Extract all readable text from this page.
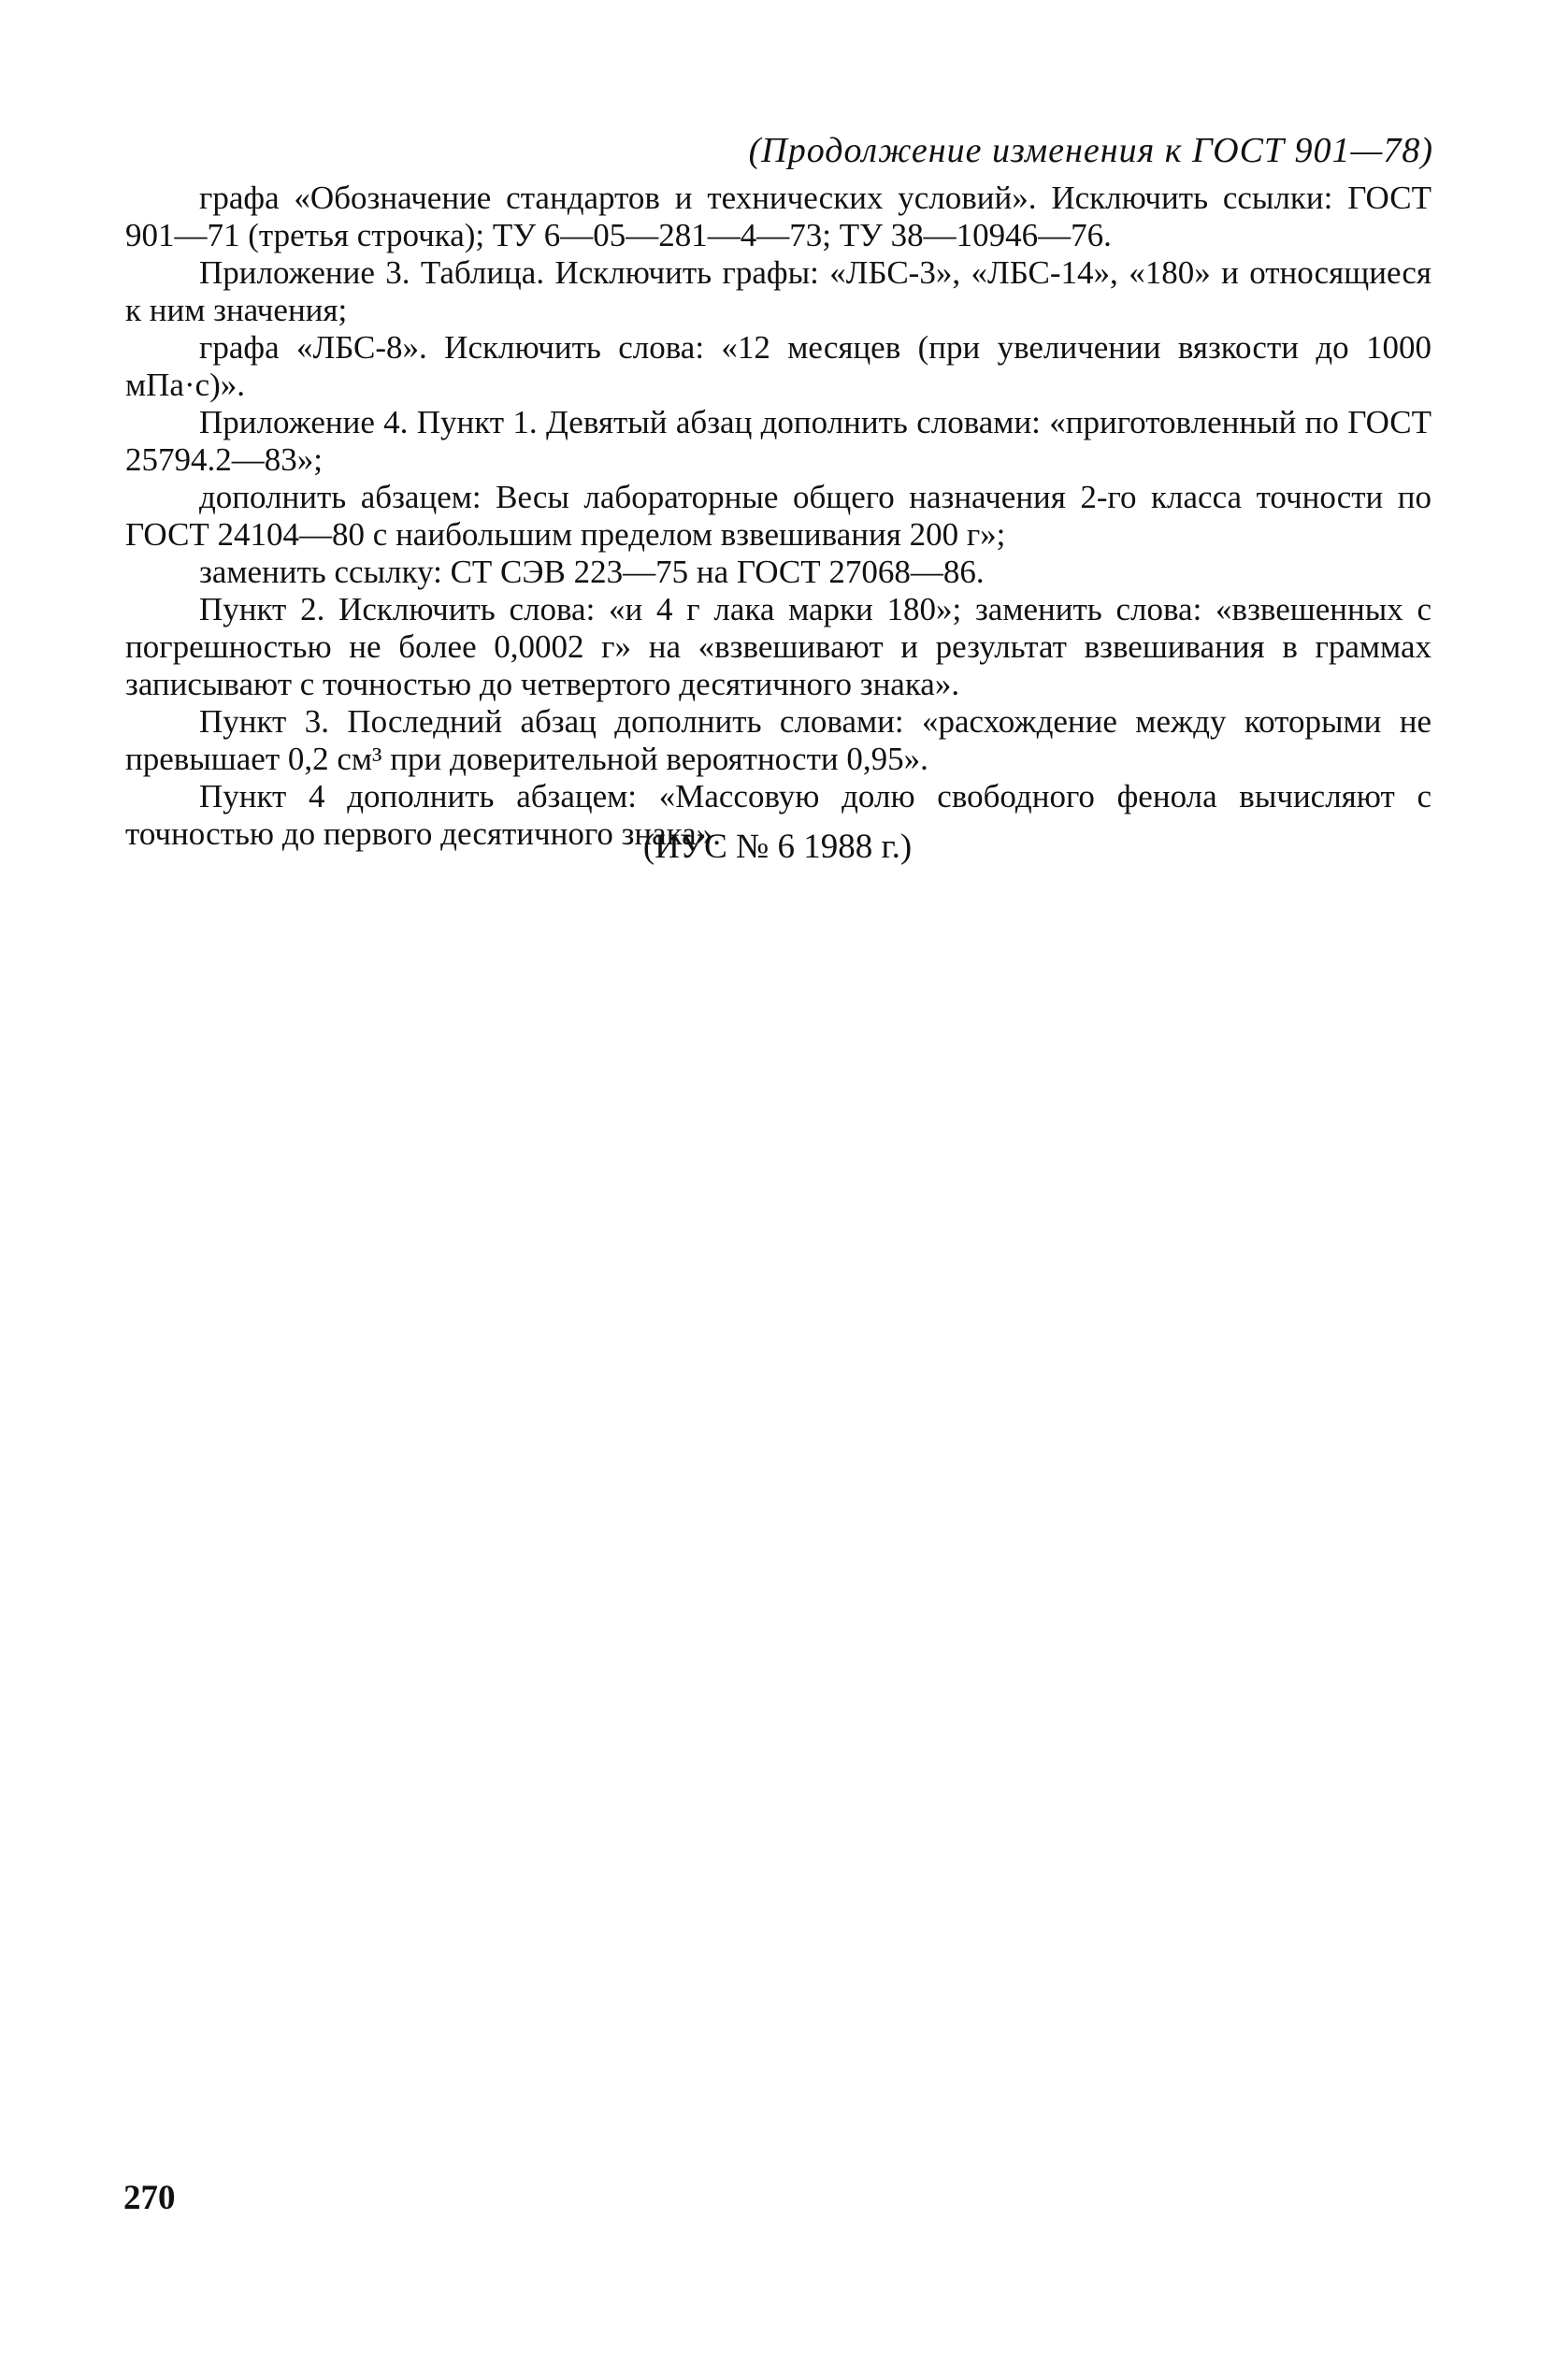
(Продолжение изменения к ГОСТ 901—78)

графа «Обозначение стандартов и технических условий». Исключить ссылки: ГОСТ 901—71 (третья строчка); ТУ 6—05—281—4—73; ТУ 38—10946—76.

Приложение 3. Таблица. Исключить графы: «ЛБС-3», «ЛБС-14», «180» и относящиеся к ним значения;

графа «ЛБС-8». Исключить слова: «12 месяцев (при увеличении вязкости до 1000 мПа·с)».

Приложение 4. Пункт 1. Девятый абзац дополнить словами: «приготовленный по ГОСТ 25794.2—83»;

дополнить абзацем: Весы лабораторные общего назначения 2-го класса точности по ГОСТ 24104—80 с наибольшим пределом взвешивания 200 г»;

заменить ссылку: СТ СЭВ 223—75 на ГОСТ 27068—86.

Пункт 2. Исключить слова: «и 4 г лака марки 180»; заменить слова: «взвешенных с погрешностью не более 0,0002 г» на «взвешивают и результат взвешивания в граммах записывают с точностью до четвертого десятичного знака».

Пункт 3. Последний абзац дополнить словами: «расхождение между которыми не превышает 0,2 см³ при доверительной вероятности 0,95».

Пункт 4 дополнить абзацем: «Массовую долю свободного фенола вычисляют с точностью до первого десятичного знака».

(ИУС № 6 1988 г.)
270
